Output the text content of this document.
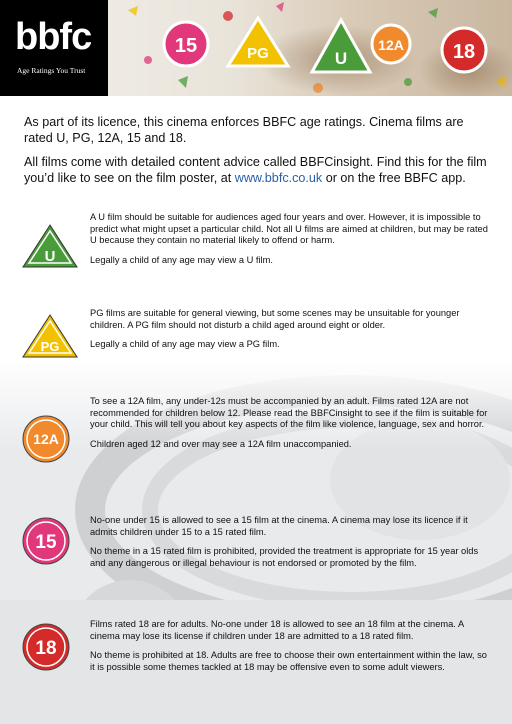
bbfc
Age Ratings You Trust
15	PG	U
12A 18

As part of its licence, this cinema enforces BBFC age ratings. Cinema films are rated U, PG, 12A, 15 and 18.

All films come with detailed content advice called BBFCinsight. Find this for the film you’d like to see on the film poster, at www.bbfc.co.uk or on the free BBFC app.

U

A U film should be suitable for audiences aged four years and over. However, it is impossible to predict what might upset a particular child. Not all U films are aimed at children, but may be rated U because they contain no material likely to offend or harm.

Legally a child of any age may view a U film.

PG

PG films are suitable for general viewing, but some scenes may be unsuitable for younger children. A PG film should not disturb a child aged around eight or older.

Legally a child of any age may view a PG film.

12A

To see a 12A film, any under-12s must be accompanied by an adult. Films rated 12A are not recommended for children below 12. Please read the BBFCinsight to see if the film is suitable for your child. This will tell you about key aspects of the film like violence, language, sex and horror.

Children aged 12 and over may see a 12A film unaccompanied.

15

No-one under 15 is allowed to see a 15 film at the cinema. A cinema may lose its licence if it admits children under 15 to a 15 rated film.

No theme in a 15 rated film is prohibited, provided the treatment is appropriate for 15 year olds and any dangerous or illegal behaviour is not endorsed or promoted by the film.

18

Films rated 18 are for adults. No-one under 18 is allowed to see an 18 film at the cinema. A cinema may lose its license if children under 18 are admitted to a 18 rated film.

No theme is prohibited at 18. Adults are free to choose their own entertainment within the law, so it is possible some themes tackled at 18 may be offensive even to some adult viewers.
